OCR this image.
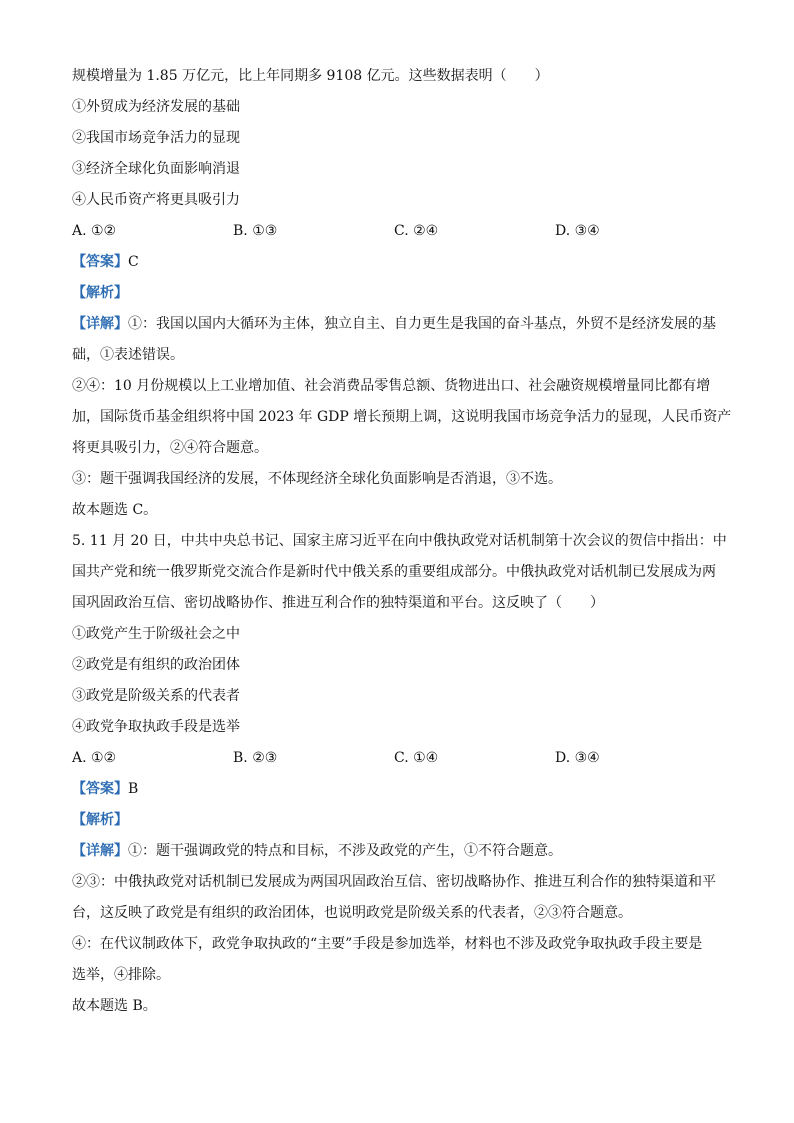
规模增量为 1.85 万亿元，比上年同期多 9108 亿元。这些数据表明（　　）
①外贸成为经济发展的基础
②我国市场竞争活力的显现
③经济全球化负面影响消退
④人民币资产将更具吸引力
A. ①②	B. ①③	C. ②④	D. ③④
【答案】C
【解析】
【详解】①：我国以国内大循环为主体，独立自主、自力更生是我国的奋斗基点，外贸不是经济发展的基
础，①表述错误。
②④：10 月份规模以上工业增加值、社会消费品零售总额、货物进出口、社会融资规模增量同比都有增
加，国际货币基金组织将中国 2023 年 GDP 增长预期上调，这说明我国市场竞争活力的显现，人民币资产
将更具吸引力，②④符合题意。
③：题干强调我国经济的发展，不体现经济全球化负面影响是否消退，③不选。
故本题选 C。
5. 11 月 20 日，中共中央总书记、国家主席习近平在向中俄执政党对话机制第十次会议的贺信中指出：中
国共产党和统一俄罗斯党交流合作是新时代中俄关系的重要组成部分。中俄执政党对话机制已发展成为两
国巩固政治互信、密切战略协作、推进互利合作的独特渠道和平台。这反映了（　　）
①政党产生于阶级社会之中
②政党是有组织的政治团体
③政党是阶级关系的代表者
④政党争取执政手段是选举
A. ①②	B. ②③	C. ①④	D. ③④
【答案】B
【解析】
【详解】①：题干强调政党的特点和目标，不涉及政党的产生，①不符合题意。
②③：中俄执政党对话机制已发展成为两国巩固政治互信、密切战略协作、推进互利合作的独特渠道和平
台，这反映了政党是有组织的政治团体，也说明政党是阶级关系的代表者，②③符合题意。
④：在代议制政体下，政党争取执政的“主要”手段是参加选举，材料也不涉及政党争取执政手段主要是
选举，④排除。
故本题选 B。
